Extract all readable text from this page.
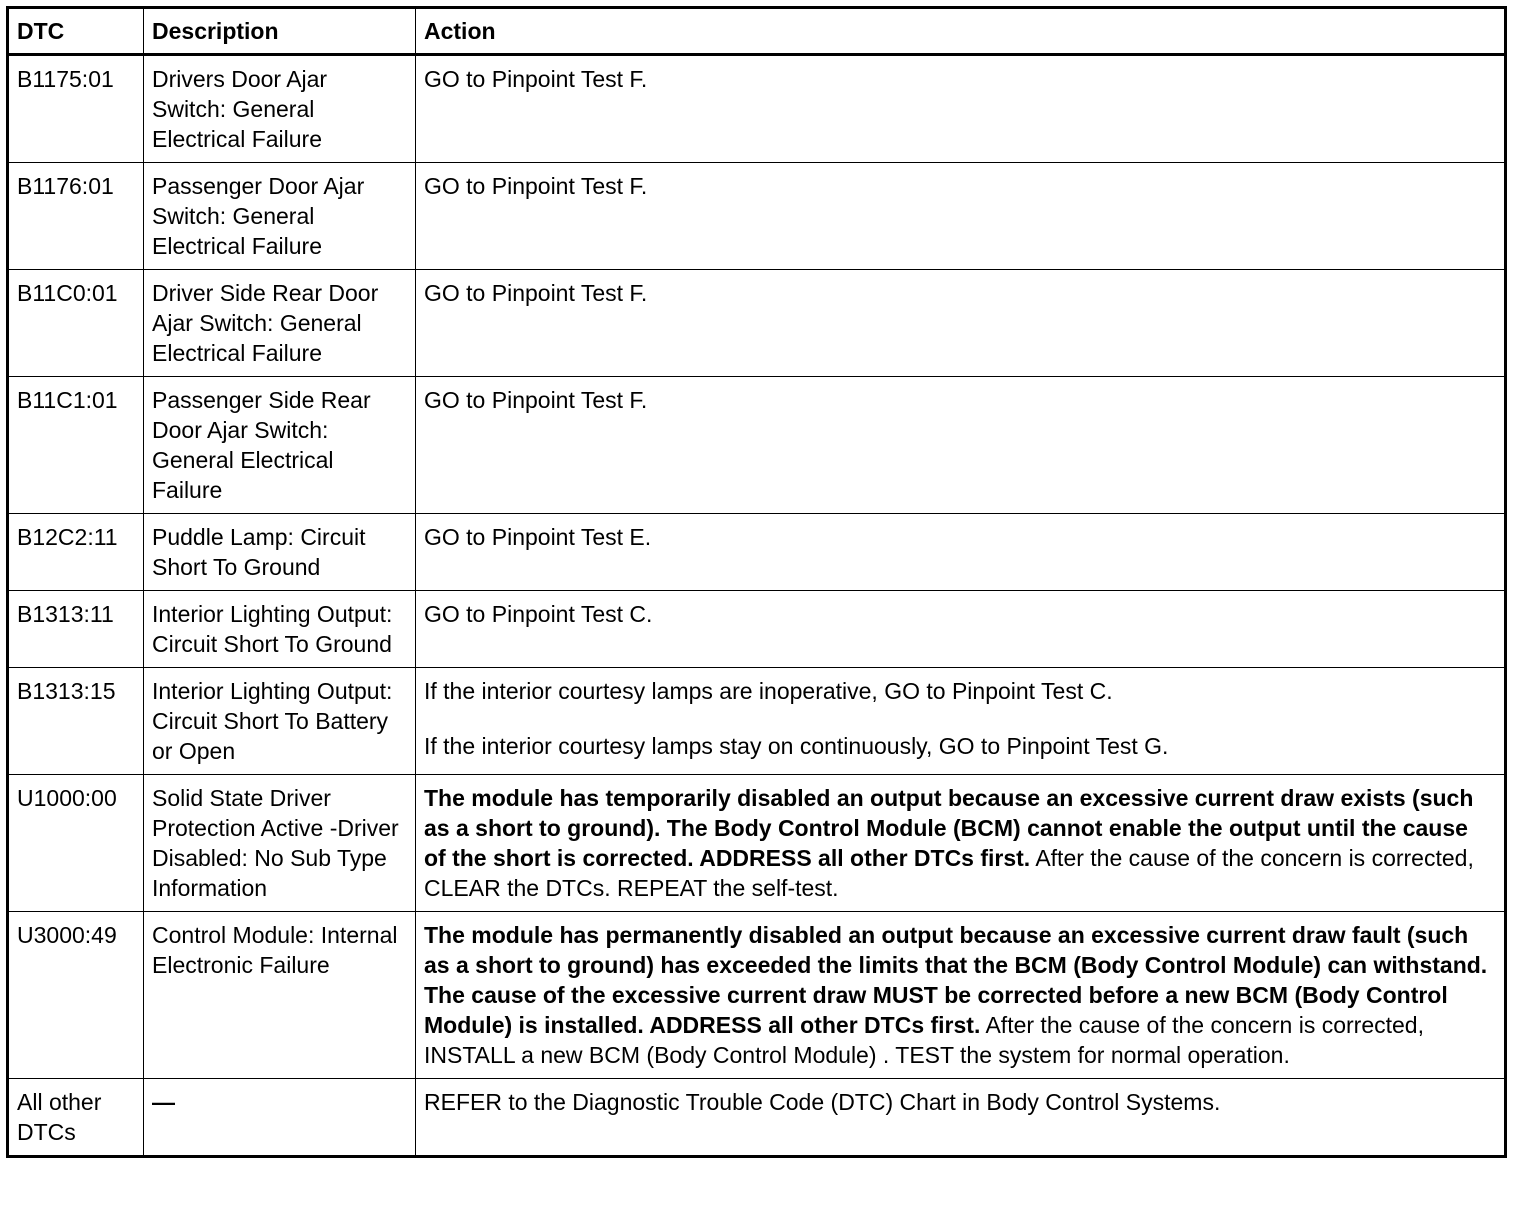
DTC	Description	Action
B1175:01	Drivers Door Ajar Switch: General Electrical Failure	GO to Pinpoint Test F.
B1176:01	Passenger Door Ajar Switch: General Electrical Failure	GO to Pinpoint Test F.
B11C0:01	Driver Side Rear Door Ajar Switch: General Electrical Failure	GO to Pinpoint Test F.
B11C1:01	Passenger Side Rear Door Ajar Switch: General Electrical Failure	GO to Pinpoint Test F.
B12C2:11	Puddle Lamp: Circuit Short To Ground	GO to Pinpoint Test E.
B1313:11	Interior Lighting Output: Circuit Short To Ground	GO to Pinpoint Test C.
B1313:15	Interior Lighting Output: Circuit Short To Battery or Open	If the interior courtesy lamps are inoperative, GO to Pinpoint Test C.
If the interior courtesy lamps stay on continuously, GO to Pinpoint Test G.

U1000:00	Solid State Driver Protection Active -Driver Disabled: No Sub Type Information	The module has temporarily disabled an output because an excessive current draw exists (such as a short to ground). The Body Control Module (BCM) cannot enable the output until the cause of the short is corrected. ADDRESS all other DTCs first. After the cause of the concern is corrected, CLEAR the DTCs. REPEAT the self-test.
U3000:49	Control Module: Internal Electronic Failure	The module has permanently disabled an output because an excessive current draw fault (such as a short to ground) has exceeded the limits that the BCM (Body Control Module) can withstand. The cause of the excessive current draw MUST be corrected before a new BCM (Body Control Module) is installed. ADDRESS all other DTCs first. After the cause of the concern is corrected, INSTALL a new BCM (Body Control Module) . TEST the system for normal operation.
All other DTCs	—	REFER to the Diagnostic Trouble Code (DTC) Chart in Body Control Systems.
